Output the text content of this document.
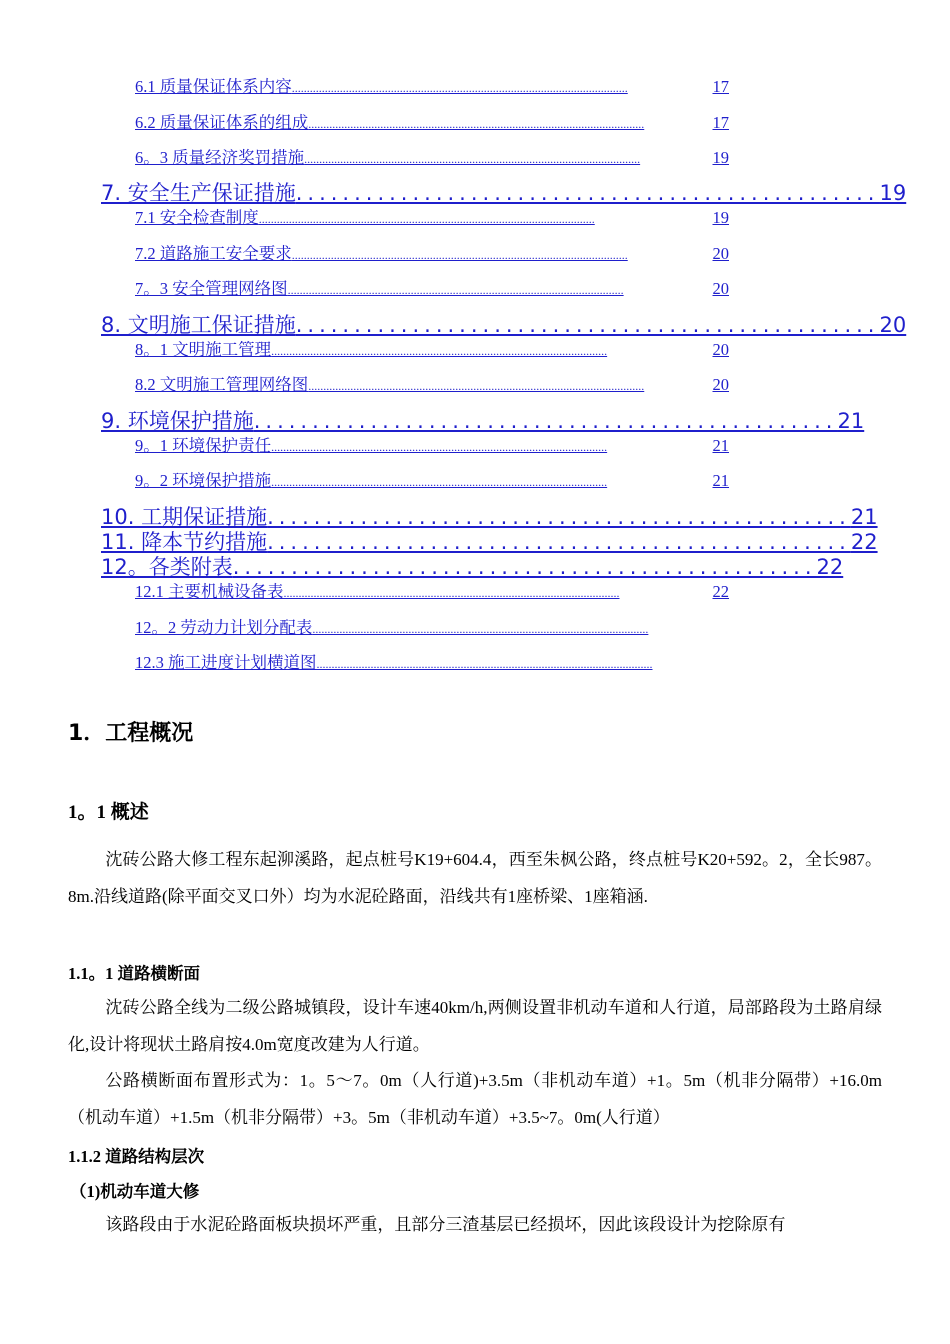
6.1 质量保证体系内容 ................................................................................................................	17
6.2 质量保证体系的组成 ................................................................................................................	17
6。3 质量经济奖罚措施 ................................................................................................................	19
7. 安全生产保证措施 .................................................. 19
7.1 安全检查制度 ................................................................................................................	19
7.2 道路施工安全要求 ................................................................................................................	20
7。3 安全管理网络图 ................................................................................................................	20
8. 文明施工保证措施 .................................................. 20
8。1 文明施工管理 ................................................................................................................	20
8.2 文明施工管理网络图 ................................................................................................................	20
9. 环境保护措施 .................................................. 21
9。1 环境保护责任 ................................................................................................................	21
9。2 环境保护措施 ................................................................................................................	21
10. 工期保证措施 .................................................. 21
11. 降本节约措施 .................................................. 22
12。各类附表 .................................................. 22
12.1 主要机械设备表 ................................................................................................................	22
12。2 劳动力计划分配表 ................................................................................................................
12.3 施工进度计划横道图 ................................................................................................................
1．工程概况
1。1 概述

沈砖公路大修工程东起泖溪路，起点桩号K19+604.4，西至朱枫公路，终点桩号K20+592。2，全长987。8m.沿线道路(除平面交叉口外）均为水泥砼路面，沿线共有1座桥梁、1座箱涵.

1.1。1 道路横断面

沈砖公路全线为二级公路城镇段，设计车速40km/h,两侧设置非机动车道和人行道，局部路段为土路肩绿化,设计将现状土路肩按4.0m宽度改建为人行道。

公路横断面布置形式为：1。5～7。0m（人行道)+3.5m（非机动车道）+1。5m（机非分隔带）+16.0m（机动车道）+1.5m（机非分隔带）+3。5m（非机动车道）+3.5~7。0m(人行道）

1.1.2 道路结构层次
（1)机动车道大修

该路段由于水泥砼路面板块损坏严重，且部分三渣基层已经损坏，因此该段设计为挖除原有
